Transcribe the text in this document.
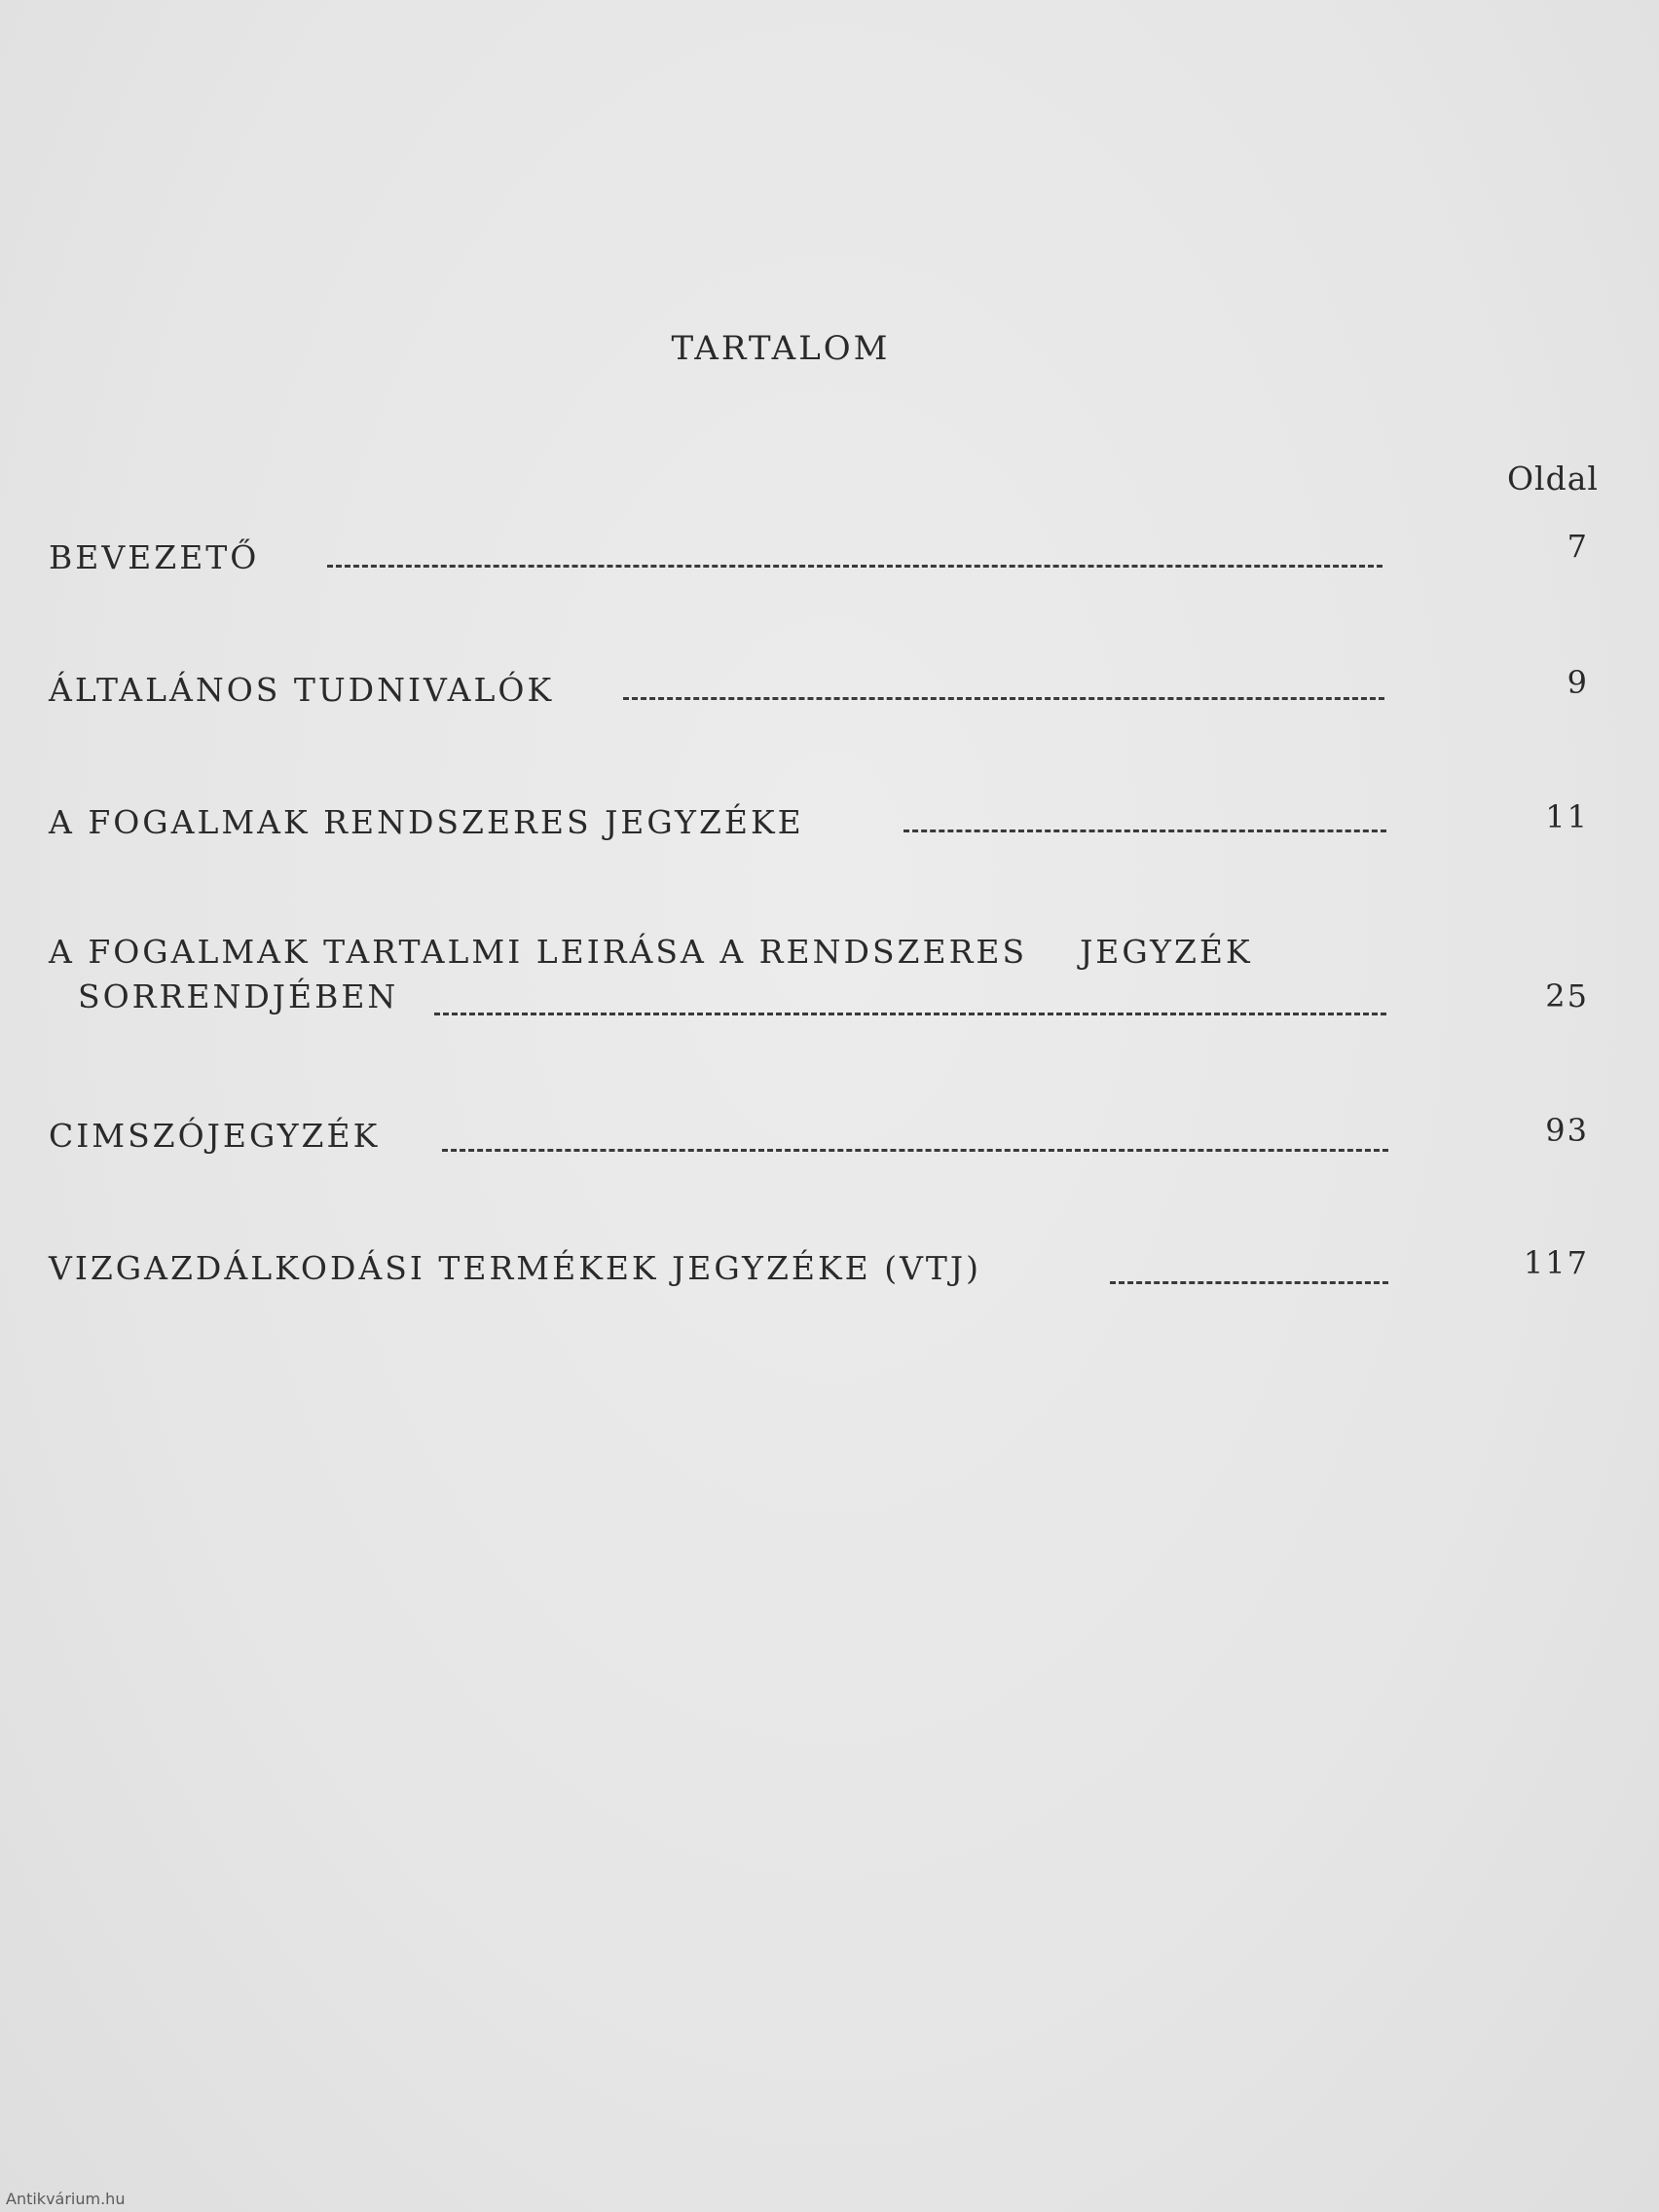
TARTALOM
Oldal
BEVEZETŐ	7
ÁLTALÁNOS TUDNIVALÓK	9
A FOGALMAK RENDSZERES JEGYZÉKE	11
A FOGALMAK TARTALMI LEIRÁSA A RENDSZERES    JEGYZÉK
SORRENDJÉBEN	25
CIMSZÓJEGYZÉK	93
VIZGAZDÁLKODÁSI TERMÉKEK JEGYZÉKE (VTJ)	117
Antikvárium.hu
